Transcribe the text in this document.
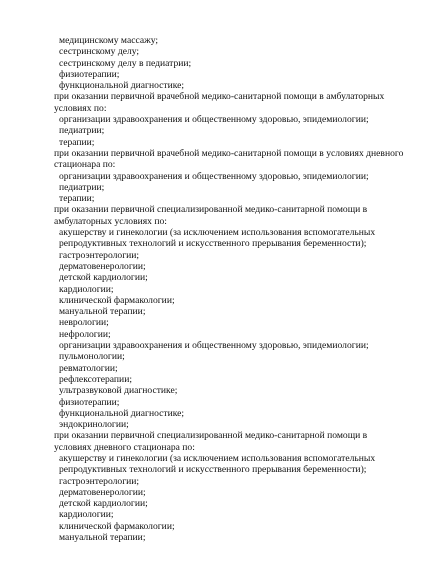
медицинскому массажу;
сестринскому делу;
сестринскому делу в педиатрии;
физиотерапии;
функциональной диагностике;
при оказании первичной врачебной медико-санитарной помощи в амбулаторных условиях по:
организации здравоохранения и общественному здоровью, эпидемиологии;
педиатрии;
терапии;
при оказании первичной врачебной медико-санитарной помощи в условиях дневного стационара по:
организации здравоохранения и общественному здоровью, эпидемиологии;
педиатрии;
терапии;
при оказании первичной специализированной медико-санитарной помощи в амбулаторных условиях по:
акушерству и гинекологии (за исключением использования вспомогательных репродуктивных технологий и искусственного прерывания беременности);
гастроэнтерологии;
дерматовенерологии;
детской кардиологии;
кардиологии;
клинической фармакологии;
мануальной терапии;
неврологии;
нефрологии;
организации здравоохранения и общественному здоровью, эпидемиологии;
пульмонологии;
ревматологии;
рефлексотерапии;
ультразвуковой диагностике;
физиотерапии;
функциональной диагностике;
эндокринологии;
при оказании первичной специализированной медико-санитарной помощи в условиях дневного стационара по:
акушерству и гинекологии (за исключением использования вспомогательных репродуктивных технологий и искусственного прерывания беременности);
гастроэнтерологии;
дерматовенерологии;
детской кардиологии;
кардиологии;
клинической фармакологии;
мануальной терапии;
